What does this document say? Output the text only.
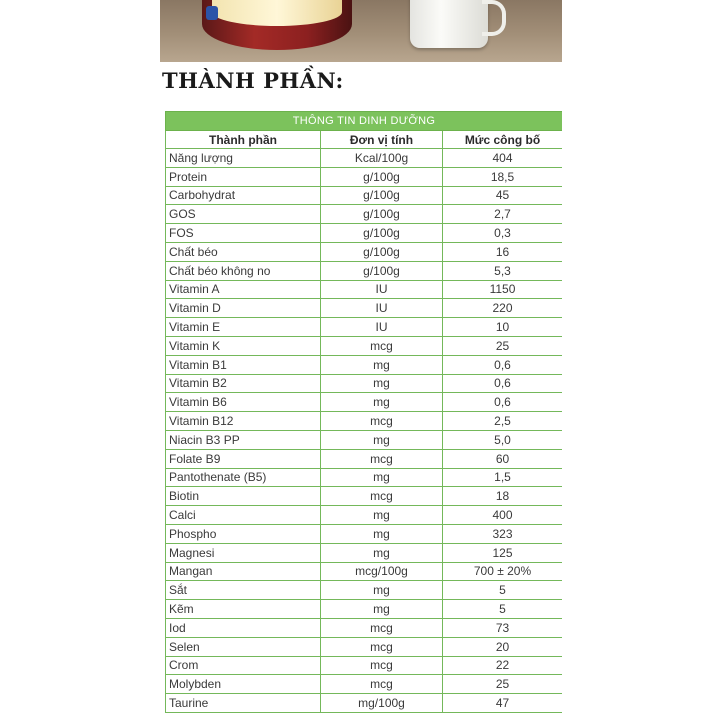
THÀNH PHẦN:
THÔNG TIN DINH DƯỠNG		
Thành phần	Đơn vị tính	Mức công bố
Năng lượng	Kcal/100g	404
Protein	g/100g	18,5
Carbohydrat	g/100g	45
GOS	g/100g	2,7
FOS	g/100g	0,3
Chất béo	g/100g	16
Chất béo không no	g/100g	5,3
Vitamin A	IU	1150
Vitamin D	IU	220
Vitamin E	IU	10
Vitamin K	mcg	25
Vitamin B1	mg	0,6
Vitamin B2	mg	0,6
Vitamin B6	mg	0,6
Vitamin B12	mcg	2,5
Niacin B3 PP	mg	5,0
Folate B9	mcg	60
Pantothenate (B5)	mg	1,5
Biotin	mcg	18
Calci	mg	400
Phospho	mg	323
Magnesi	mg	125
Mangan	mcg/100g	700 ± 20%
Sắt	mg	5
Kẽm	mg	5
Iod	mcg	73
Selen	mcg	20
Crom	mcg	22
Molybden	mcg	25
Taurine	mg/100g	47
